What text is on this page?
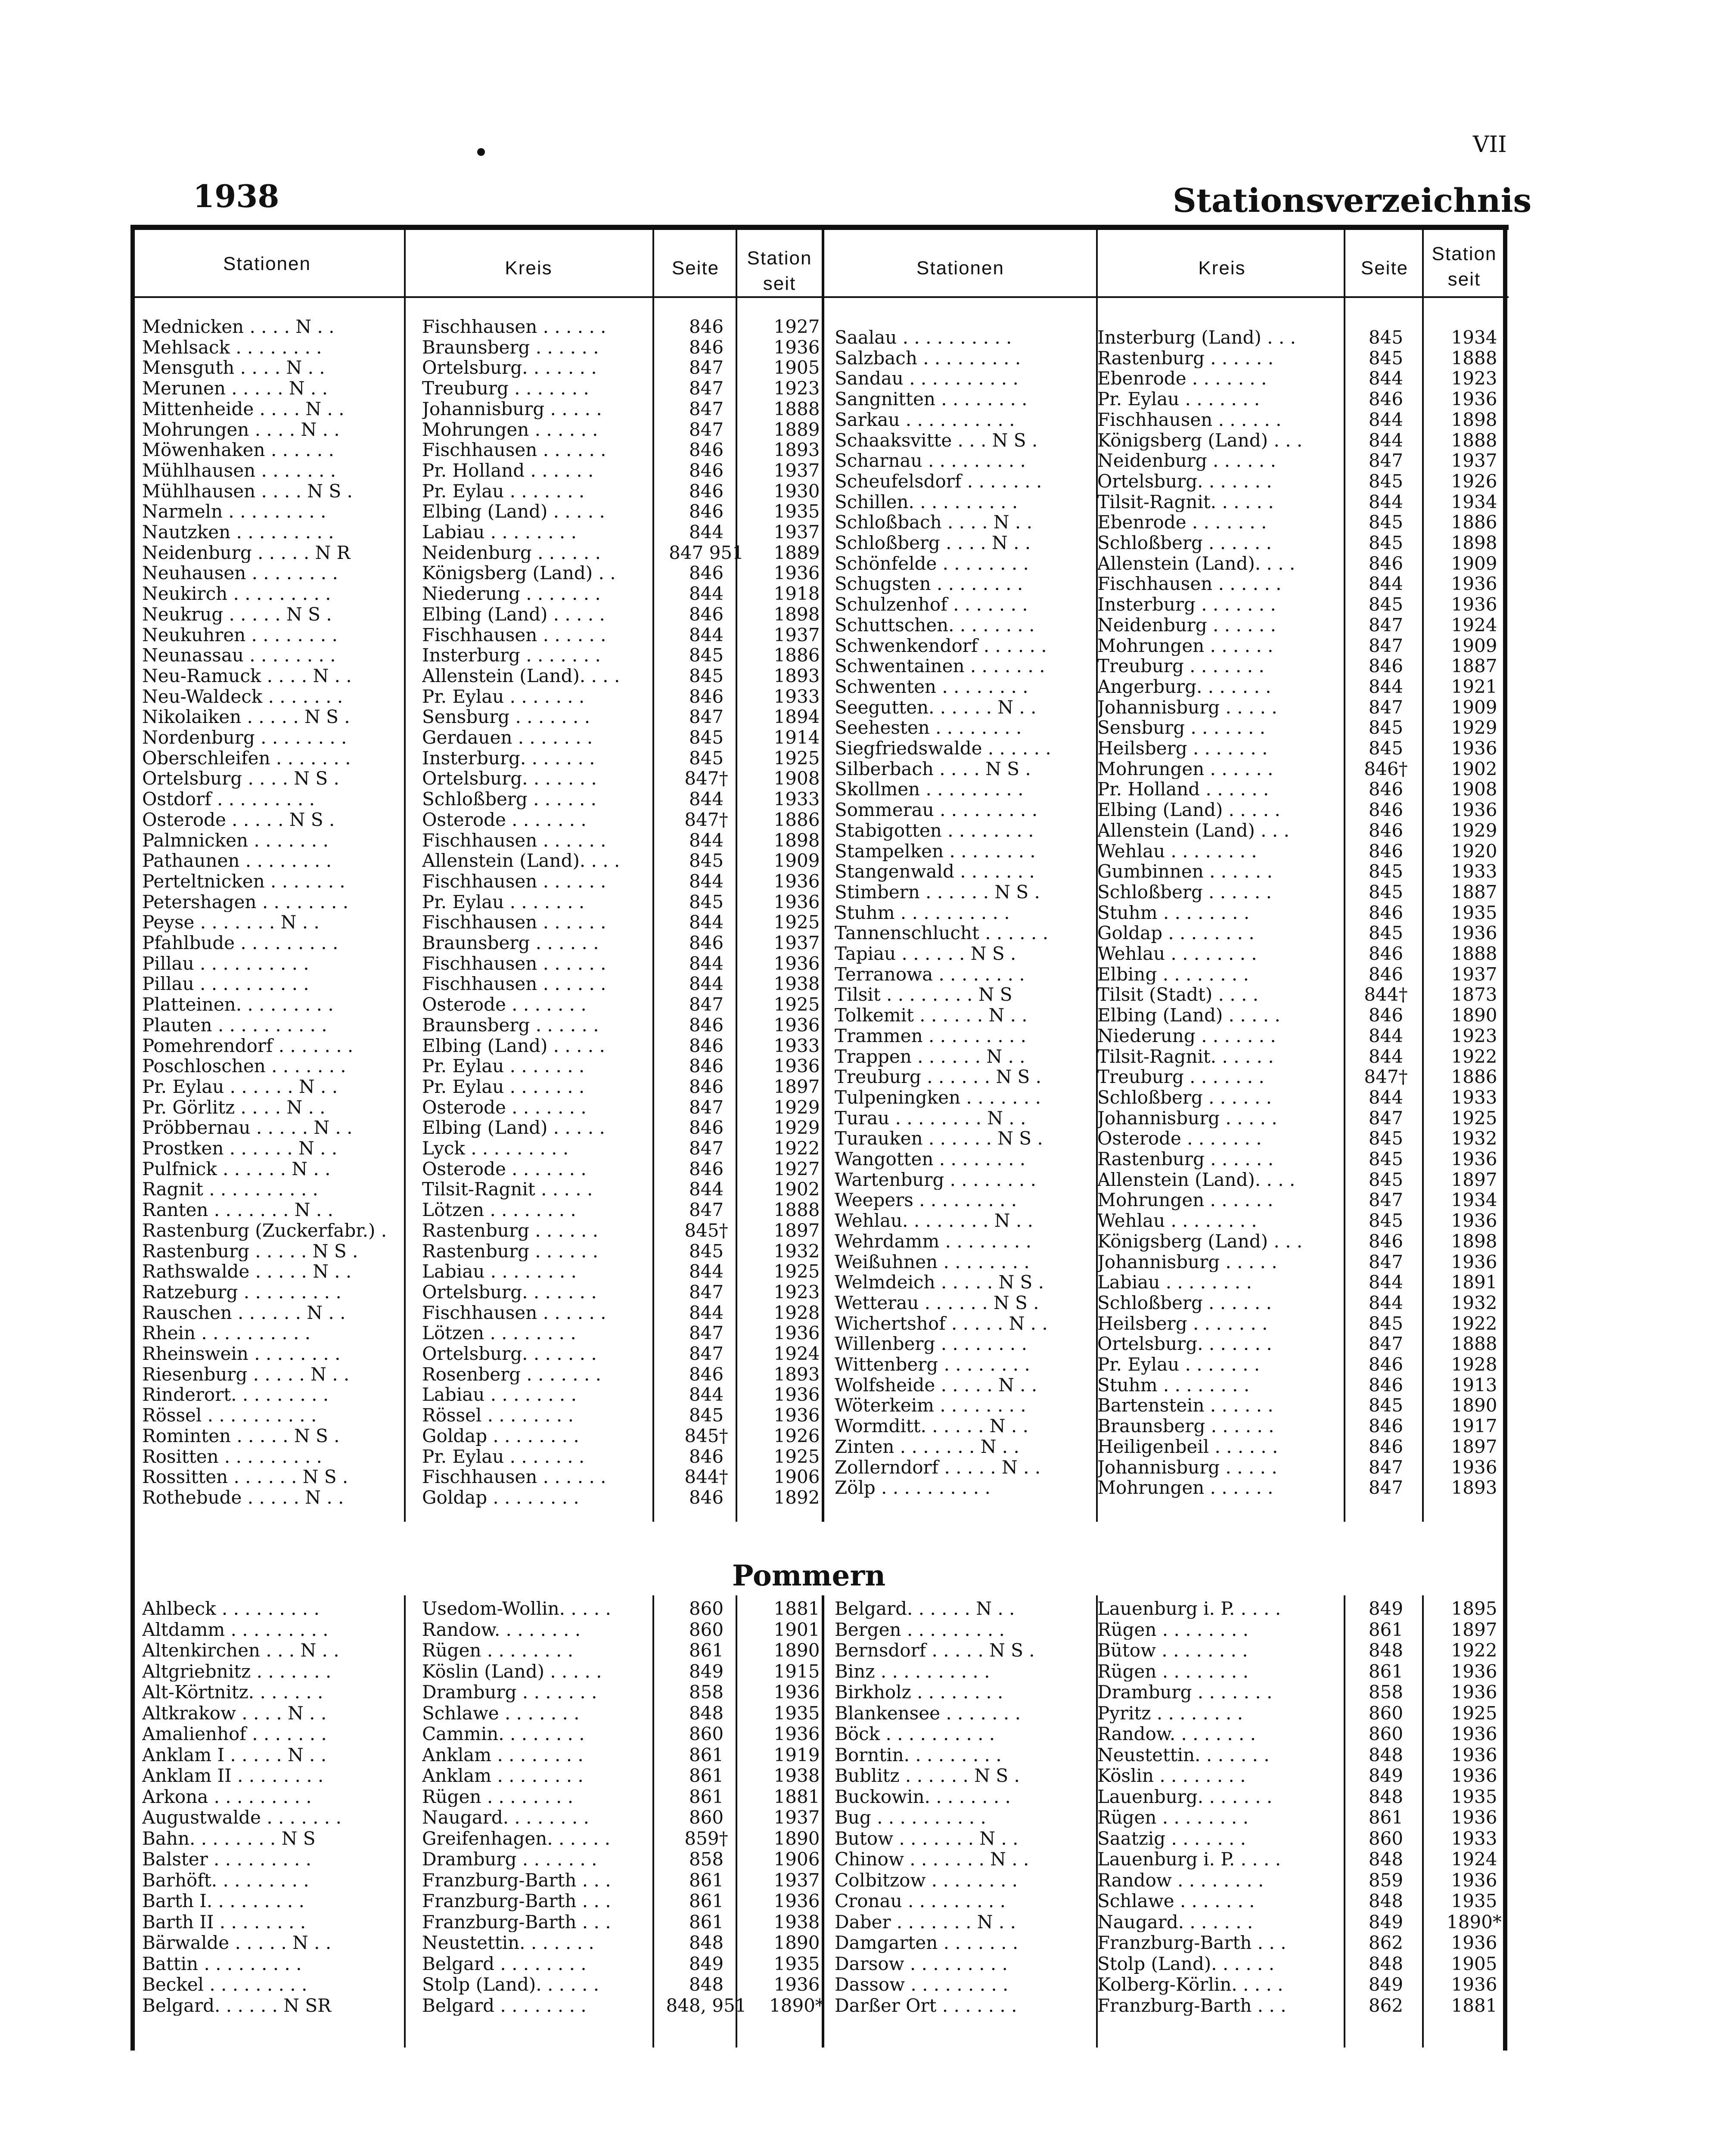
VII
1938	Stationsverzeichnis
Stationen	Kreis	Seite	Station seit
Stationen	Kreis	Seite
Station seit
Pommern
Mednicken . . . . N . .	Fischhausen . . . . . .	846	1927
Mehlsack . . . . . . . .	Braunsberg . . . . . .	846	1936
Mensguth . . . . N . .	Ortelsburg. . . . . . .	847	1905
Merunen . . . . . N . .	Treuburg . . . . . . .	847	1923
Mittenheide . . . . N . .	Johannisburg . . . . .	847	1888
Mohrungen . . . . N . .	Mohrungen . . . . . .	847	1889
Möwenhaken . . . . . .	Fischhausen . . . . . .	846	1893
Mühlhausen . . . . . . .	Pr. Holland . . . . . .	846	1937
Mühlhausen . . . . N S .	Pr. Eylau . . . . . . .	846	1930
Narmeln . . . . . . . . .	Elbing (Land) . . . . .	846	1935
Nautzken . . . . . . . . .	Labiau . . . . . . . .	844	1937
Neidenburg . . . . . N R	Neidenburg . . . . . .	847 951	1889
Neuhausen . . . . . . . .	Königsberg (Land) . .	846	1936
Neukirch . . . . . . . . .	Niederung . . . . . . .	844	1918
Neukrug . . . . . N S .	Elbing (Land) . . . . .	846	1898
Neukuhren . . . . . . . .	Fischhausen . . . . . .	844	1937
Neunassau . . . . . . . .	Insterburg . . . . . . .	845	1886
Neu-Ramuck . . . . N . .	Allenstein (Land). . . .	845	1893
Neu-Waldeck . . . . . . .	Pr. Eylau . . . . . . .	846	1933
Nikolaiken . . . . . N S .	Sensburg . . . . . . .	847	1894
Nordenburg . . . . . . . .	Gerdauen . . . . . . .	845	1914
Oberschleifen . . . . . . .	Insterburg. . . . . . .	845	1925
Ortelsburg . . . . N S .	Ortelsburg. . . . . . .	847†	1908
Ostdorf . . . . . . . . .	Schloßberg . . . . . .	844	1933
Osterode . . . . . N S .	Osterode . . . . . . .	847†	1886
Palmnicken . . . . . . .	Fischhausen . . . . . .	844	1898
Pathaunen . . . . . . . .	Allenstein (Land). . . .	845	1909
Perteltnicken . . . . . . .	Fischhausen . . . . . .	844	1936
Petershagen . . . . . . . .	Pr. Eylau . . . . . . .	845	1936
Peyse . . . . . . . N . .	Fischhausen . . . . . .	844	1925
Pfahlbude . . . . . . . . .	Braunsberg . . . . . .	846	1937
Pillau . . . . . . . . . .	Fischhausen . . . . . .	844	1936
Pillau . . . . . . . . . .	Fischhausen . . . . . .	844	1938
Platteinen. . . . . . . . .	Osterode . . . . . . .	847	1925
Plauten . . . . . . . . . .	Braunsberg . . . . . .	846	1936
Pomehrendorf . . . . . . .	Elbing (Land) . . . . .	846	1933
Poschloschen . . . . . . .	Pr. Eylau . . . . . . .	846	1936
Pr. Eylau . . . . . . N . .	Pr. Eylau . . . . . . .	846	1897
Pr. Görlitz . . . . N . .	Osterode . . . . . . .	847	1929
Pröbbernau . . . . . N . .	Elbing (Land) . . . . .	846	1929
Prostken . . . . . . N . .	Lyck . . . . . . . . .	847	1922
Pulfnick . . . . . . N . .	Osterode . . . . . . .	846	1927
Ragnit . . . . . . . . . .	Tilsit-Ragnit . . . . .	844	1902
Ranten . . . . . . . N . .	Lötzen . . . . . . . .	847	1888
Rastenburg (Zuckerfabr.) .	Rastenburg . . . . . .	845†	1897
Rastenburg . . . . . N S .	Rastenburg . . . . . .	845	1932
Rathswalde . . . . . N . .	Labiau . . . . . . . .	844	1925
Ratzeburg . . . . . . . . .	Ortelsburg. . . . . . .	847	1923
Rauschen . . . . . . N . .	Fischhausen . . . . . .	844	1928
Rhein . . . . . . . . . .	Lötzen . . . . . . . .	847	1936
Rheinswein . . . . . . . .	Ortelsburg. . . . . . .	847	1924
Riesenburg . . . . . N . .	Rosenberg . . . . . . .	846	1893
Rinderort. . . . . . . . .	Labiau . . . . . . . .	844	1936
Rössel . . . . . . . . . .	Rössel . . . . . . . .	845	1936
Rominten . . . . . N S .	Goldap . . . . . . . .	845†	1926
Rositten . . . . . . . . .	Pr. Eylau . . . . . . .	846	1925
Rossitten . . . . . . N S .	Fischhausen . . . . . .	844†	1906
Rothebude . . . . . N . .	Goldap . . . . . . . .	846	1892
Saalau . . . . . . . . . .	Insterburg (Land) . . .	845	1934
Salzbach . . . . . . . . .	Rastenburg . . . . . .	845	1888
Sandau . . . . . . . . . .	Ebenrode . . . . . . .	844	1923
Sangnitten . . . . . . . .	Pr. Eylau . . . . . . .	846	1936
Sarkau . . . . . . . . . .	Fischhausen . . . . . .	844	1898
Schaaksvitte . . . N S .	Königsberg (Land) . . .	844	1888
Scharnau . . . . . . . . .	Neidenburg . . . . . .	847	1937
Scheufelsdorf . . . . . . .	Ortelsburg. . . . . . .	845	1926
Schillen. . . . . . . . . .	Tilsit-Ragnit. . . . . .	844	1934
Schloßbach . . . . N . .	Ebenrode . . . . . . .	845	1886
Schloßberg . . . . N . .	Schloßberg . . . . . .	845	1898
Schönfelde . . . . . . . .	Allenstein (Land). . . .	846	1909
Schugsten . . . . . . . .	Fischhausen . . . . . .	844	1936
Schulzenhof . . . . . . .	Insterburg . . . . . . .	845	1936
Schuttschen. . . . . . . .	Neidenburg . . . . . .	847	1924
Schwenkendorf . . . . . .	Mohrungen . . . . . .	847	1909
Schwentainen . . . . . . .	Treuburg . . . . . . .	846	1887
Schwenten . . . . . . . .	Angerburg. . . . . . .	844	1921
Seegutten. . . . . . N . .	Johannisburg . . . . .	847	1909
Seehesten . . . . . . . .	Sensburg . . . . . . .	845	1929
Siegfriedswalde . . . . . .	Heilsberg . . . . . . .	845	1936
Silberbach . . . . N S .	Mohrungen . . . . . .	846†	1902
Skollmen . . . . . . . . .	Pr. Holland . . . . . .	846	1908
Sommerau . . . . . . . . .	Elbing (Land) . . . . .	846	1936
Stabigotten . . . . . . . .	Allenstein (Land) . . .	846	1929
Stampelken . . . . . . . .	Wehlau . . . . . . . .	846	1920
Stangenwald . . . . . . .	Gumbinnen . . . . . .	845	1933
Stimbern . . . . . . N S .	Schloßberg . . . . . .	845	1887
Stuhm . . . . . . . . . .	Stuhm . . . . . . . .	846	1935
Tannenschlucht . . . . . .	Goldap . . . . . . . .	845	1936
Tapiau . . . . . . N S .	Wehlau . . . . . . . .	846	1888
Terranowa . . . . . . . .	Elbing . . . . . . . .	846	1937
Tilsit . . . . . . . . N S	Tilsit (Stadt) . . . .	844†	1873
Tolkemit . . . . . . N . .	Elbing (Land) . . . . .	846	1890
Trammen . . . . . . . . .	Niederung . . . . . . .	844	1923
Trappen . . . . . . N . .	Tilsit-Ragnit. . . . . .	844	1922
Treuburg . . . . . . N S .	Treuburg . . . . . . .	847†	1886
Tulpeningken . . . . . . .	Schloßberg . . . . . .	844	1933
Turau . . . . . . . . N . .	Johannisburg . . . . .	847	1925
Turauken . . . . . . N S .	Osterode . . . . . . .	845	1932
Wangotten . . . . . . . .	Rastenburg . . . . . .	845	1936
Wartenburg . . . . . . . .	Allenstein (Land). . . .	845	1897
Weepers . . . . . . . . .	Mohrungen . . . . . .	847	1934
Wehlau. . . . . . . . N . .	Wehlau . . . . . . . .	845	1936
Wehrdamm . . . . . . . .	Königsberg (Land) . . .	846	1898
Weißuhnen . . . . . . . .	Johannisburg . . . . .	847	1936
Welmdeich . . . . . N S .	Labiau . . . . . . . .	844	1891
Wetterau . . . . . . N S .	Schloßberg . . . . . .	844	1932
Wichertshof . . . . . N . .	Heilsberg . . . . . . .	845	1922
Willenberg . . . . . . . .	Ortelsburg. . . . . . .	847	1888
Wittenberg . . . . . . . .	Pr. Eylau . . . . . . .	846	1928
Wolfsheide . . . . . N . .	Stuhm . . . . . . . .	846	1913
Wöterkeim . . . . . . . .	Bartenstein . . . . . .	845	1890
Wormditt. . . . . . N . .	Braunsberg . . . . . .	846	1917
Zinten . . . . . . . N . .	Heiligenbeil . . . . . .	846	1897
Zollerndorf . . . . . N . .	Johannisburg . . . . .	847	1936
Zölp . . . . . . . . . .	Mohrungen . . . . . .	847	1893
Ahlbeck . . . . . . . . .	Usedom-Wollin. . . . .	860	1881
Altdamm . . . . . . . . .	Randow. . . . . . . .	860	1901
Altenkirchen . . . N . .	Rügen . . . . . . . .	861	1890
Altgriebnitz . . . . . . .	Köslin (Land) . . . . .	849	1915
Alt-Körtnitz. . . . . . .	Dramburg . . . . . . .	858	1936
Altkrakow . . . . N . .	Schlawe . . . . . . .	848	1935
Amalienhof . . . . . . .	Cammin. . . . . . . .	860	1936
Anklam I . . . . . N . .	Anklam . . . . . . . .	861	1919
Anklam II . . . . . . . .	Anklam . . . . . . . .	861	1938
Arkona . . . . . . . . .	Rügen . . . . . . . .	861	1881
Augustwalde . . . . . . .	Naugard. . . . . . . .	860	1937
Bahn. . . . . . . . N S	Greifenhagen. . . . . .	859†	1890
Balster . . . . . . . . .	Dramburg . . . . . . .	858	1906
Barhöft. . . . . . . . .	Franzburg-Barth . . .	861	1937
Barth I. . . . . . . . .	Franzburg-Barth . . .	861	1936
Barth II . . . . . . . .	Franzburg-Barth . . .	861	1938
Bärwalde . . . . . N . .	Neustettin. . . . . . .	848	1890
Battin . . . . . . . . .	Belgard . . . . . . . .	849	1935
Beckel . . . . . . . . .	Stolp (Land). . . . . .	848	1936
Belgard. . . . . . N SR	Belgard . . . . . . . .	848, 951	1890*
Belgard. . . . . . N . .	Lauenburg i. P. . . . .	849	1895
Bergen . . . . . . . . .	Rügen . . . . . . . .	861	1897
Bernsdorf . . . . . N S .	Bütow . . . . . . . .	848	1922
Binz . . . . . . . . . .	Rügen . . . . . . . .	861	1936
Birkholz . . . . . . . .	Dramburg . . . . . . .	858	1936
Blankensee . . . . . . .	Pyritz . . . . . . . .	860	1925
Böck . . . . . . . . . .	Randow. . . . . . . .	860	1936
Borntin. . . . . . . . .	Neustettin. . . . . . .	848	1936
Bublitz . . . . . . N S .	Köslin . . . . . . . .	849	1936
Buckowin. . . . . . . .	Lauenburg. . . . . . .	848	1935
Bug . . . . . . . . . .	Rügen . . . . . . . .	861	1936
Butow . . . . . . . N . .	Saatzig . . . . . . .	860	1933
Chinow . . . . . . . N . .	Lauenburg i. P. . . . .	848	1924
Colbitzow . . . . . . . .	Randow . . . . . . . .	859	1936
Cronau . . . . . . . . .	Schlawe . . . . . . .	848	1935
Daber . . . . . . . N . .	Naugard. . . . . . .	849	1890*
Damgarten . . . . . . .	Franzburg-Barth . . .	862	1936
Darsow . . . . . . . . .	Stolp (Land). . . . . .	848	1905
Dassow . . . . . . . . .	Kolberg-Körlin. . . . .	849	1936
Darßer Ort . . . . . . .	Franzburg-Barth . . .	862	1881
